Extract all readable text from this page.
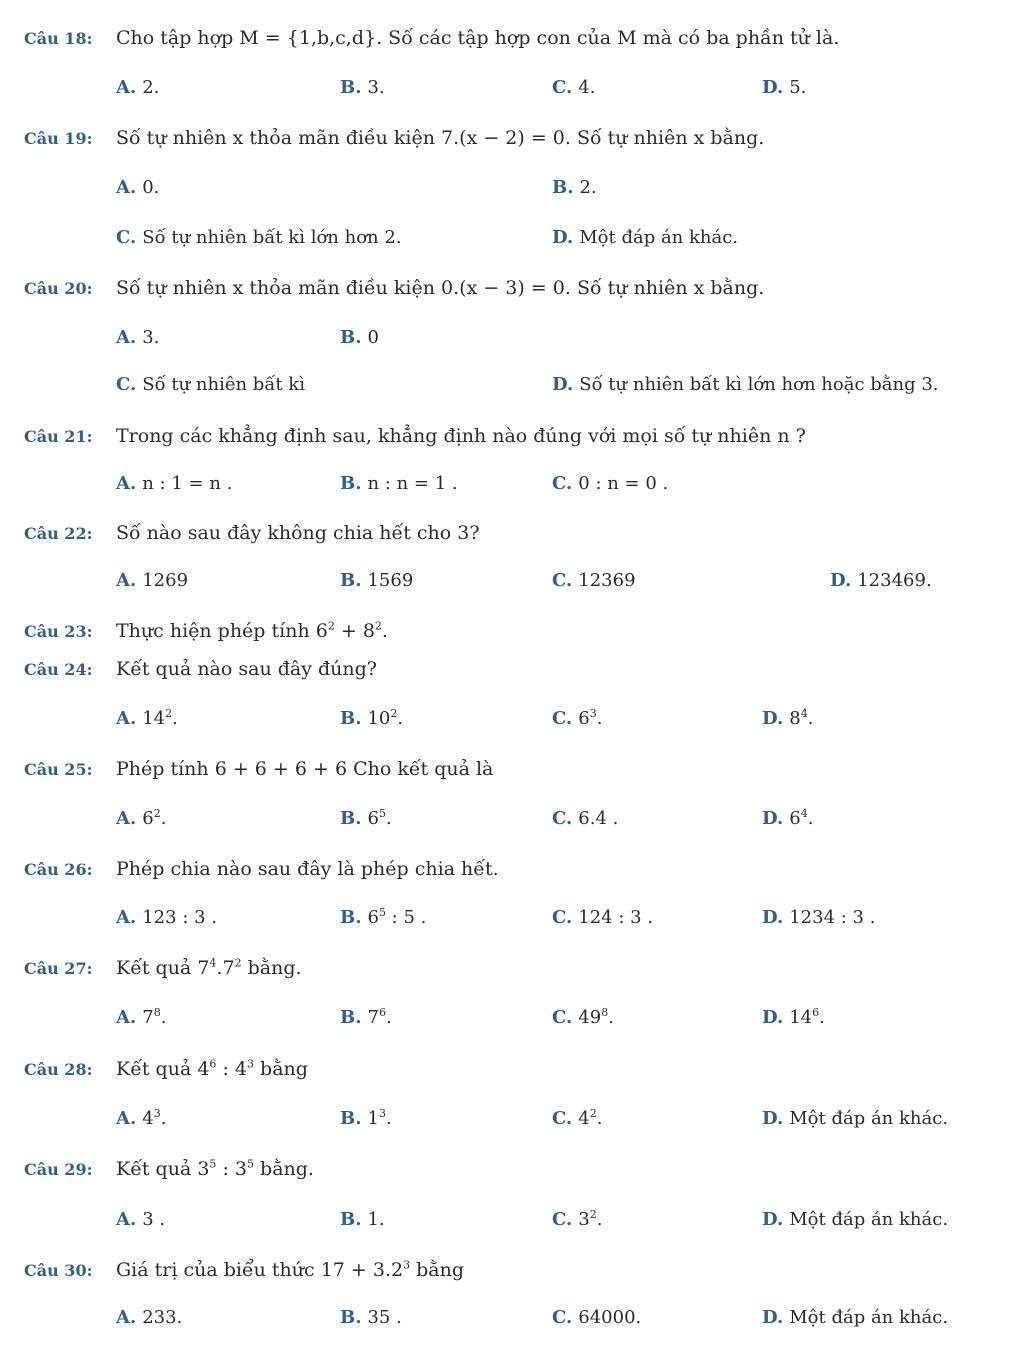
Câu 18: Cho tập hợp M = {1,b,c,d}. Số các tập hợp con của M mà có ba phần tử là.
A. 2.	B. 3.	C. 4.	D. 5.
Câu 19: Số tự nhiên x thỏa mãn điều kiện 7.(x − 2) = 0. Số tự nhiên x bằng.
A. 0.	B. 2.
C. Số tự nhiên bất kì lớn hơn 2.	D. Một đáp án khác.
Câu 20: Số tự nhiên x thỏa mãn điều kiện 0.(x − 3) = 0. Số tự nhiên x bằng.
A. 3.	B. 0
C. Số tự nhiên bất kì	D. Số tự nhiên bất kì lớn hơn hoặc bằng 3.
Câu 21: Trong các khẳng định sau, khẳng định nào đúng với mọi số tự nhiên n ?
A. n : 1 = n .	B. n : n = 1 .	C. 0 : n = 0 .
Câu 22: Số nào sau đây không chia hết cho 3?
A. 1269	B. 1569	C. 12369	D. 123469.
Câu 23: Thực hiện phép tính $6^2 + 8^2$.
Câu 24: Kết quả nào sau đây đúng?
A. $14^2$.	B. $10^2$.	C. $6^3$.	D. $8^4$.
Câu 25: Phép tính 6 + 6 + 6 + 6 Cho kết quả là
A. $6^2$.	B. $6^5$.	C. 6.4 .	D. $6^4$.
Câu 26: Phép chia nào sau đây là phép chia hết.
A. 123 : 3 .	B. $6^5$ : 5 .	C. 124 : 3 .	D. 1234 : 3 .
Câu 27: Kết quả $7^4.7^2$ bằng.
A. $7^8$.	B. $7^6$.	C. $49^8$.	D. $14^6$.
Câu 28: Kết quả $4^6$ : $4^3$ bằng
A. $4^3$.	B. $1^3$.	C. $4^2$.	D. Một đáp án khác.
Câu 29: Kết quả $3^5$ : $3^5$ bằng.
A. 3 .	B. 1.	C. $3^2$.	D. Một đáp án khác.
Câu 30: Giá trị của biểu thức $17 + 3.2^3$ bằng
A. 233.	B. 35 .	C. 64000.	D. Một đáp án khác.
